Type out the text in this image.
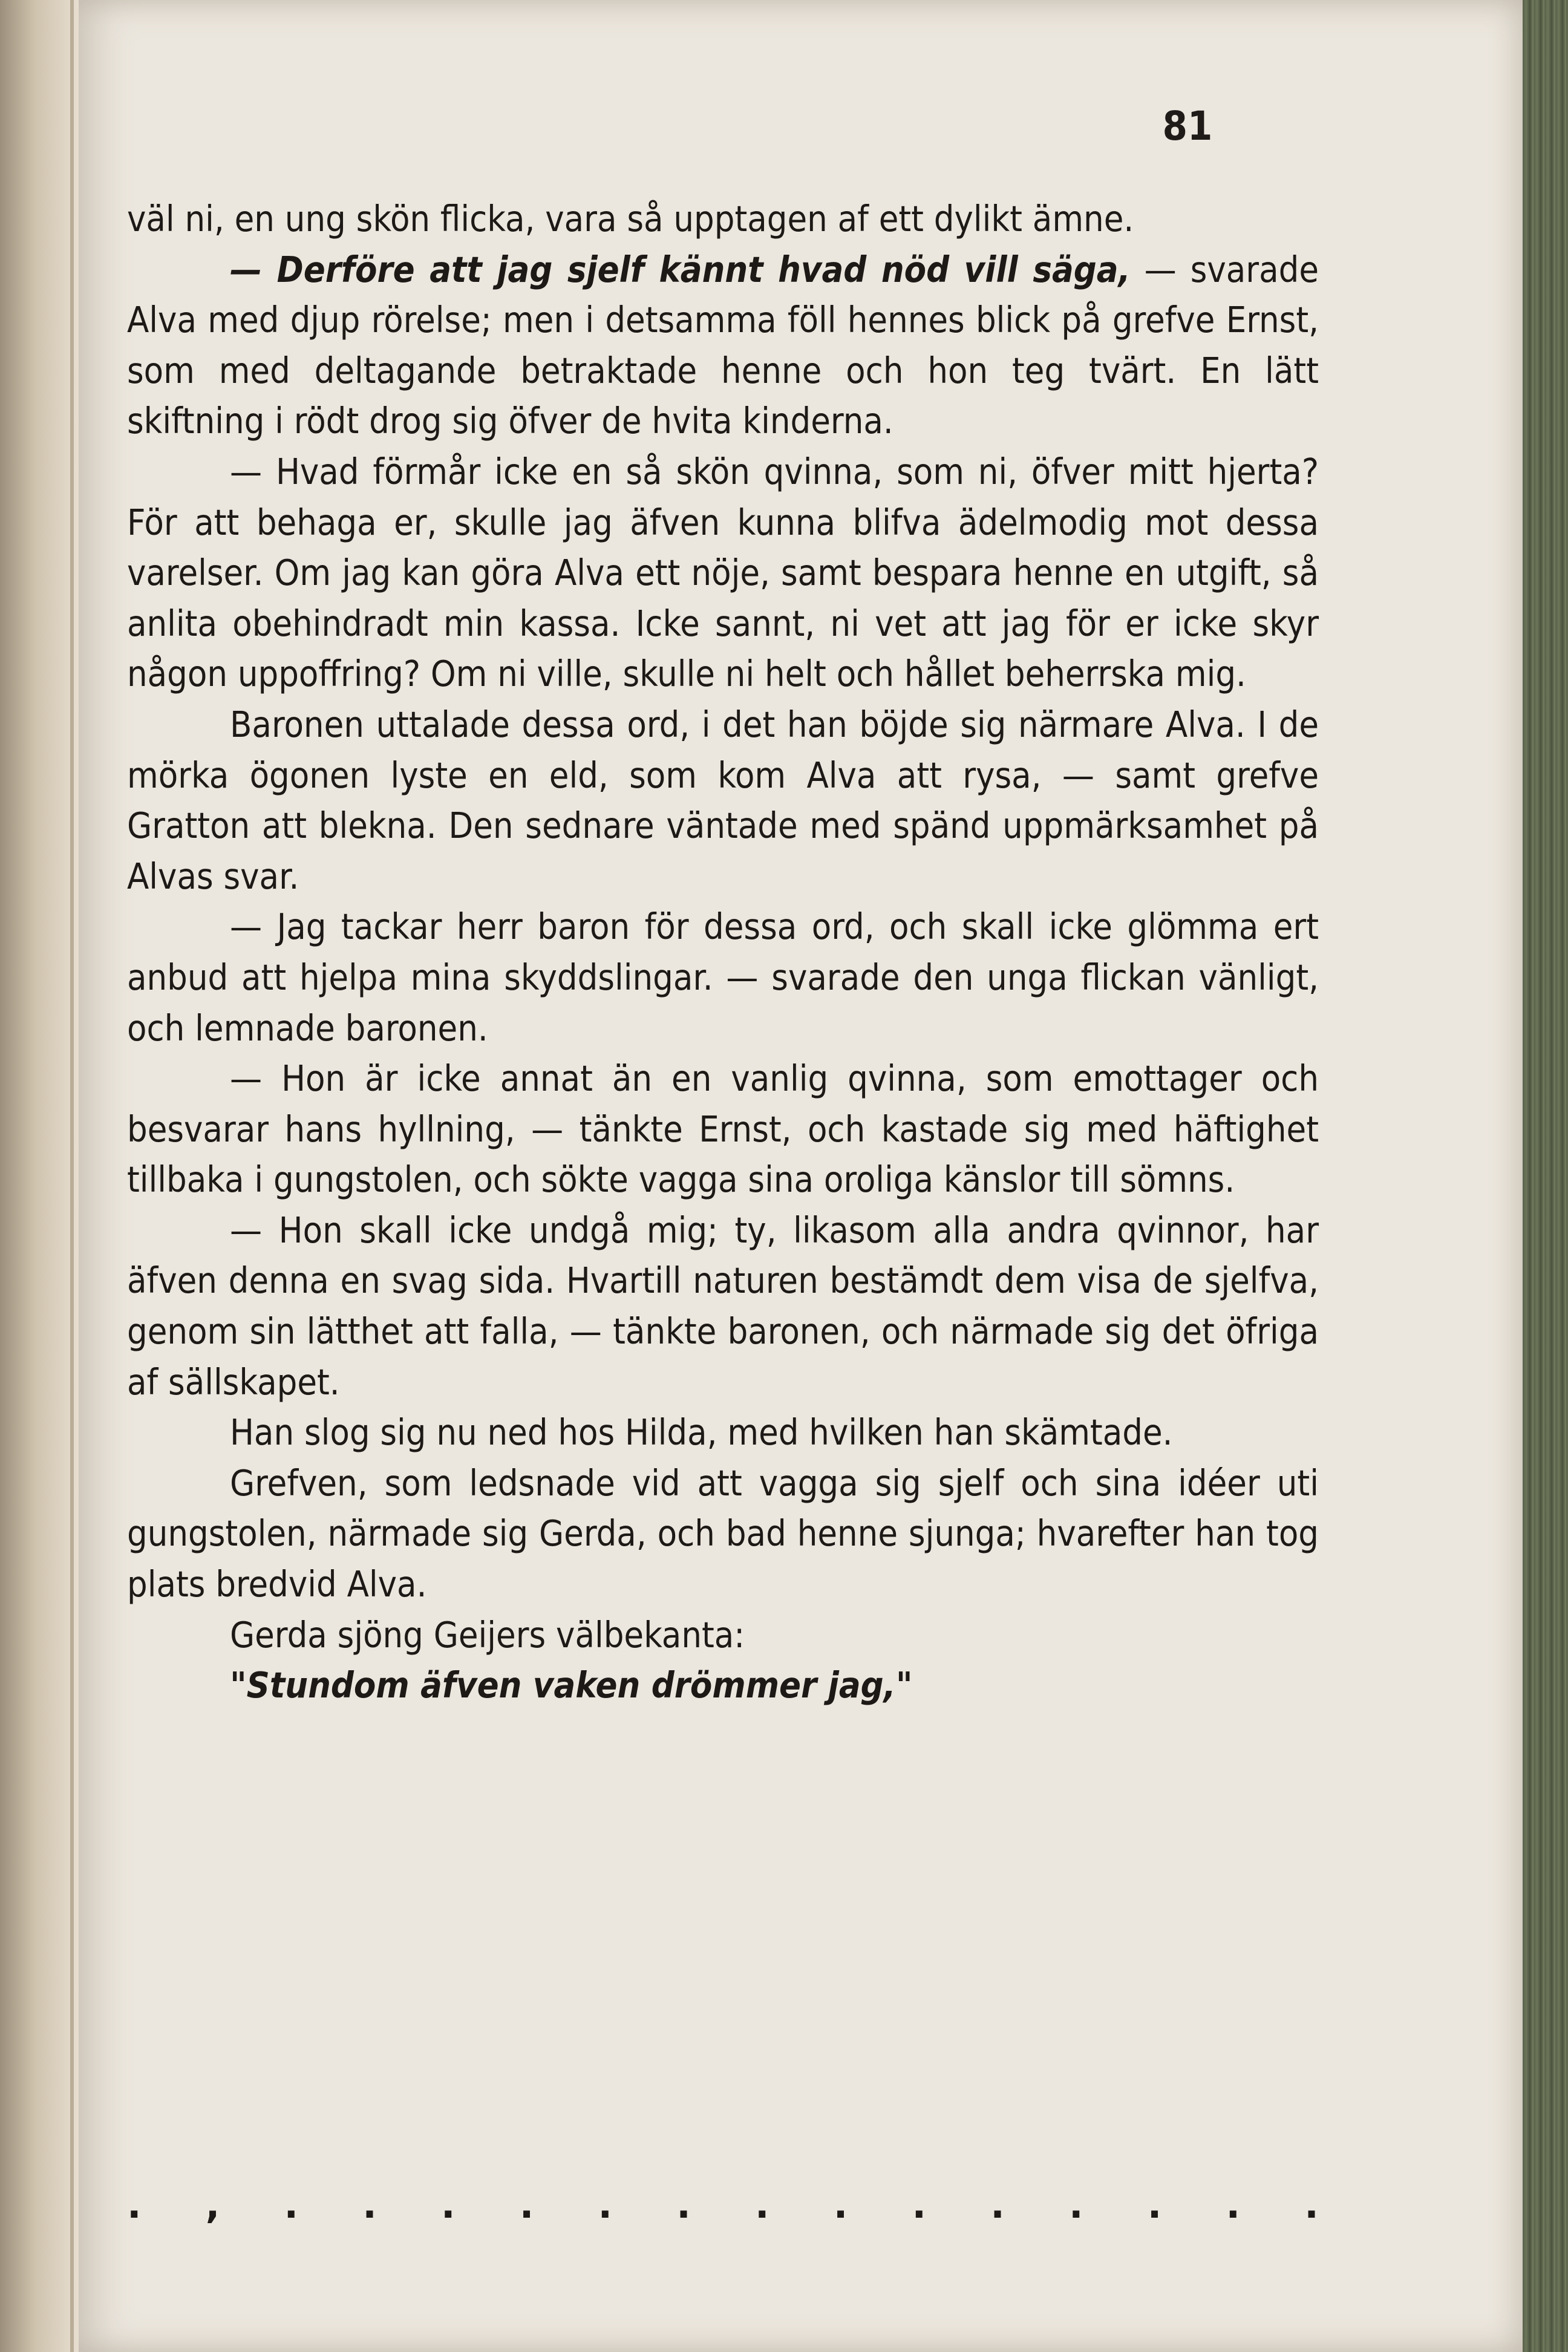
81

väl ni, en ung skön flicka, vara så upptagen af ett dylikt ämne.

— Derföre att jag sjelf kännt hvad nöd vill säga, — svarade Alva med djup rörelse; men i detsamma föll hennes blick på grefve Ernst, som med deltagande betraktade henne och hon teg tvärt. En lätt skiftning i rödt drog sig öfver de hvita kinderna.

— Hvad förmår icke en så skön qvinna, som ni, öfver mitt hjerta? För att behaga er, skulle jag äfven kunna blifva ädelmodig mot dessa varelser. Om jag kan göra Alva ett nöje, samt bespara henne en utgift, så anlita obehindradt min kassa. Icke sannt, ni vet att jag för er icke skyr någon uppoffring? Om ni ville, skulle ni helt och hållet beherrska mig.

Baronen uttalade dessa ord, i det han böjde sig närmare Alva. I de mörka ögonen lyste en eld, som kom Alva att rysa, — samt grefve Gratton att blekna. Den sednare väntade med spänd uppmärksamhet på Alvas svar.

— Jag tackar herr baron för dessa ord, och skall icke glömma ert anbud att hjelpa mina skyddslingar. — svarade den unga flickan vänligt, och lemnade baronen.

— Hon är icke annat än en vanlig qvinna, som emottager och besvarar hans hyllning, — tänkte Ernst, och kastade sig med häftighet tillbaka i gungstolen, och sökte vagga sina oroliga känslor till sömns.

— Hon skall icke undgå mig; ty, likasom alla andra qvinnor, har äfven denna en svag sida. Hvartill naturen bestämdt dem visa de sjelfva, genom sin lätthet att falla, — tänkte baronen, och närmade sig det öfriga af sällskapet.

Han slog sig nu ned hos Hilda, med hvilken han skämtade.

Grefven, som ledsnade vid att vagga sig sjelf och sina idéer uti gungstolen, närmade sig Gerda, och bad henne sjunga; hvarefter han tog plats bredvid Alva.

Gerda sjöng Geijers välbekanta:

"Stundom äfven vaken drömmer jag,"

. , . . . . . . . . . . . . . .
